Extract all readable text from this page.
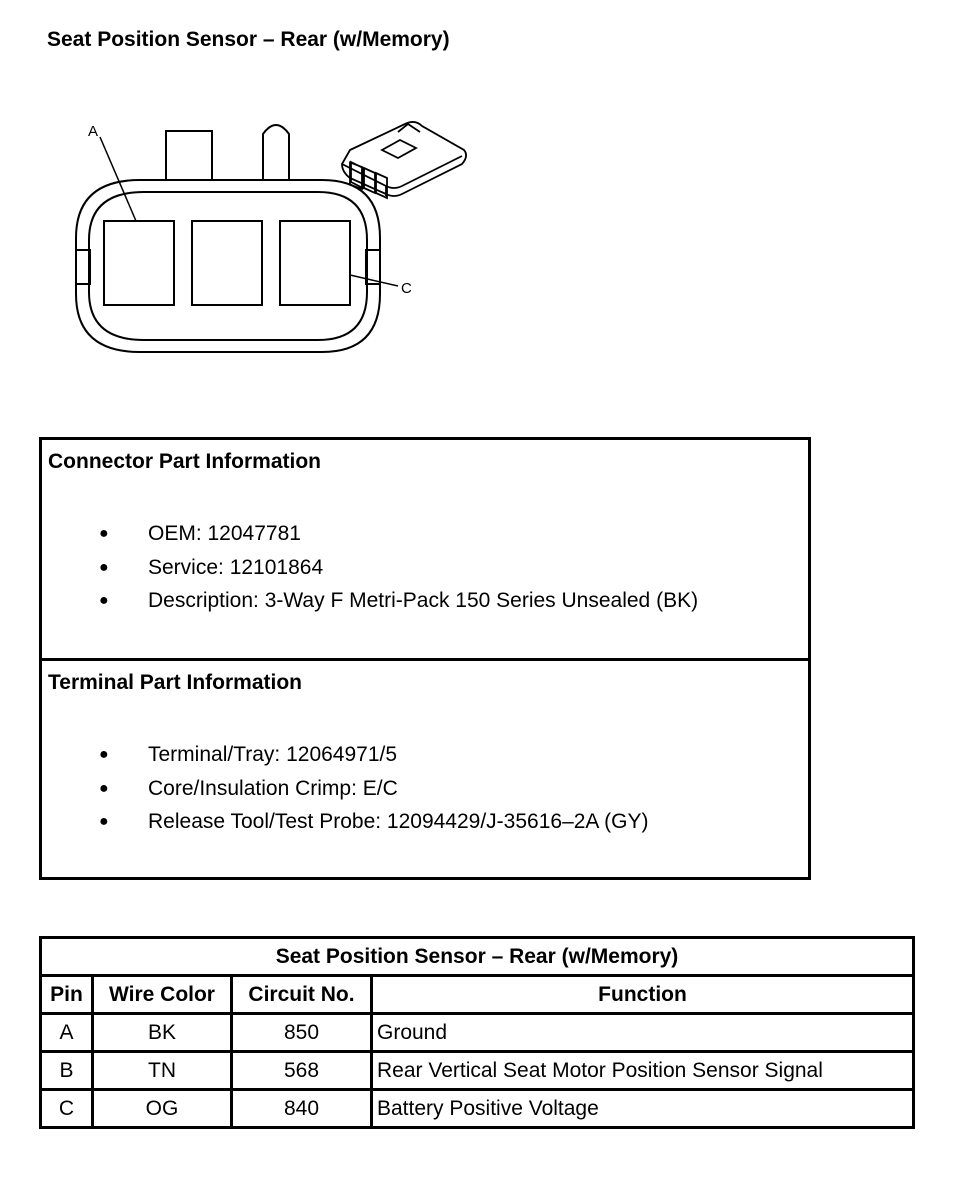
Seat Position Sensor – Rear (w/Memory)
A
C
Connector Part Information
● OEM: 12047781
● Service: 12101864
● Description: 3-Way F Metri-Pack 150 Series Unsealed (BK)
Terminal Part Information
● Terminal/Tray: 12064971/5
● Core/Insulation Crimp: E/C
● Release Tool/Test Probe: 12094429/J-35616–2A (GY)
Seat Position Sensor – Rear (w/Memory)			
Pin	Wire Color	Circuit No.	Function
A	BK	850	Ground
B	TN	568	Rear Vertical Seat Motor Position Sensor Signal
C	OG	840	Battery Positive Voltage
